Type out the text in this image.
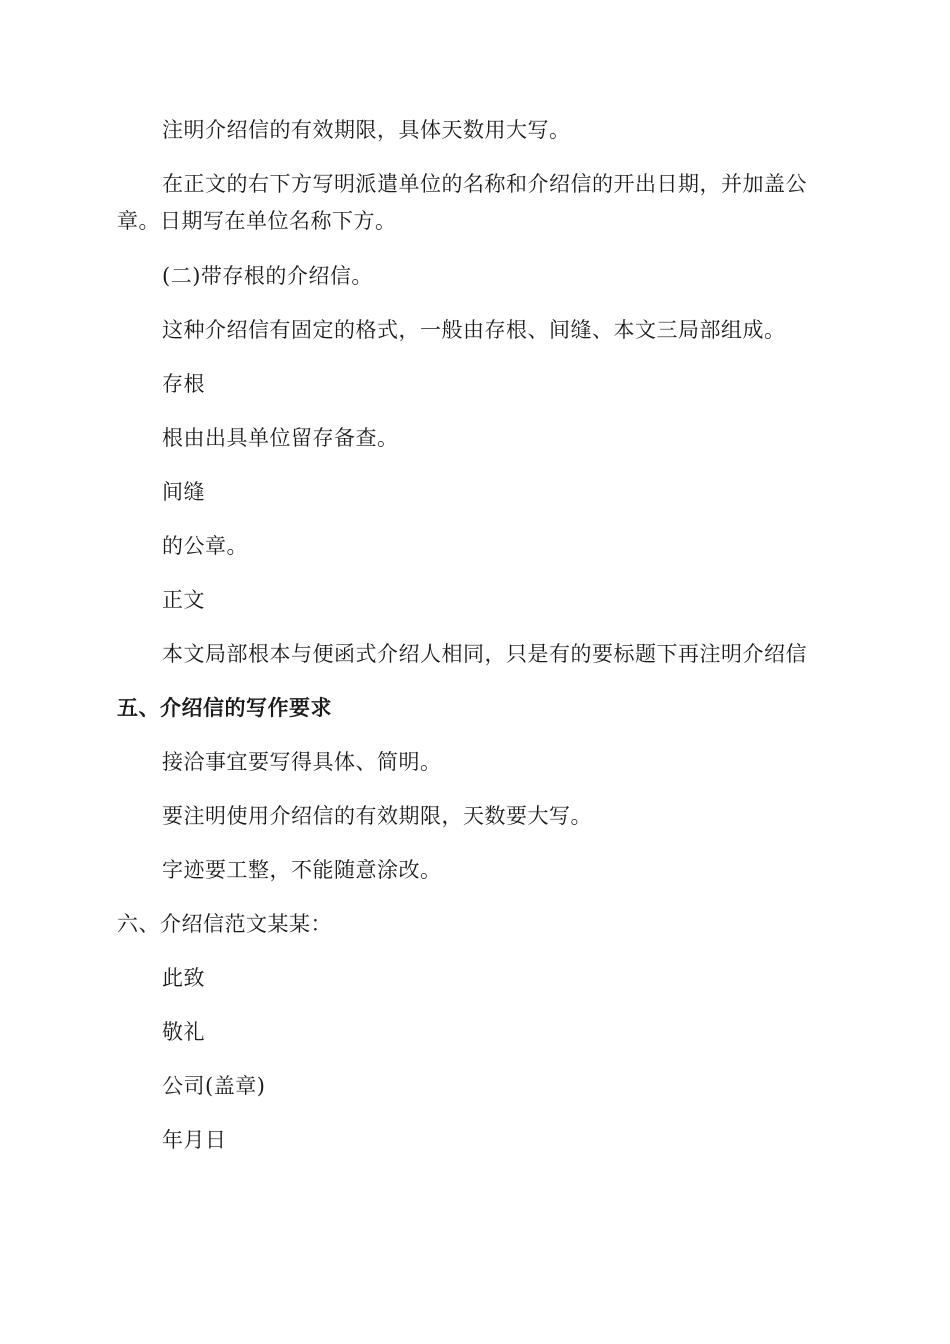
注明介绍信的有效期限，具体天数用大写。
在正文的右下方写明派遣单位的名称和介绍信的开出日期，并加盖公
章。日期写在单位名称下方。
(二)带存根的介绍信。
这种介绍信有固定的格式，一般由存根、间缝、本文三局部组成。
存根
根由出具单位留存备查。
间缝
的公章。
正文
本文局部根本与便函式介绍人相同，只是有的要标题下再注明介绍信
五、介绍信的写作要求
接洽事宜要写得具体、简明。
要注明使用介绍信的有效期限，天数要大写。
字迹要工整，不能随意涂改。
六、介绍信范文某某：
此致
敬礼
公司(盖章)
年月日
